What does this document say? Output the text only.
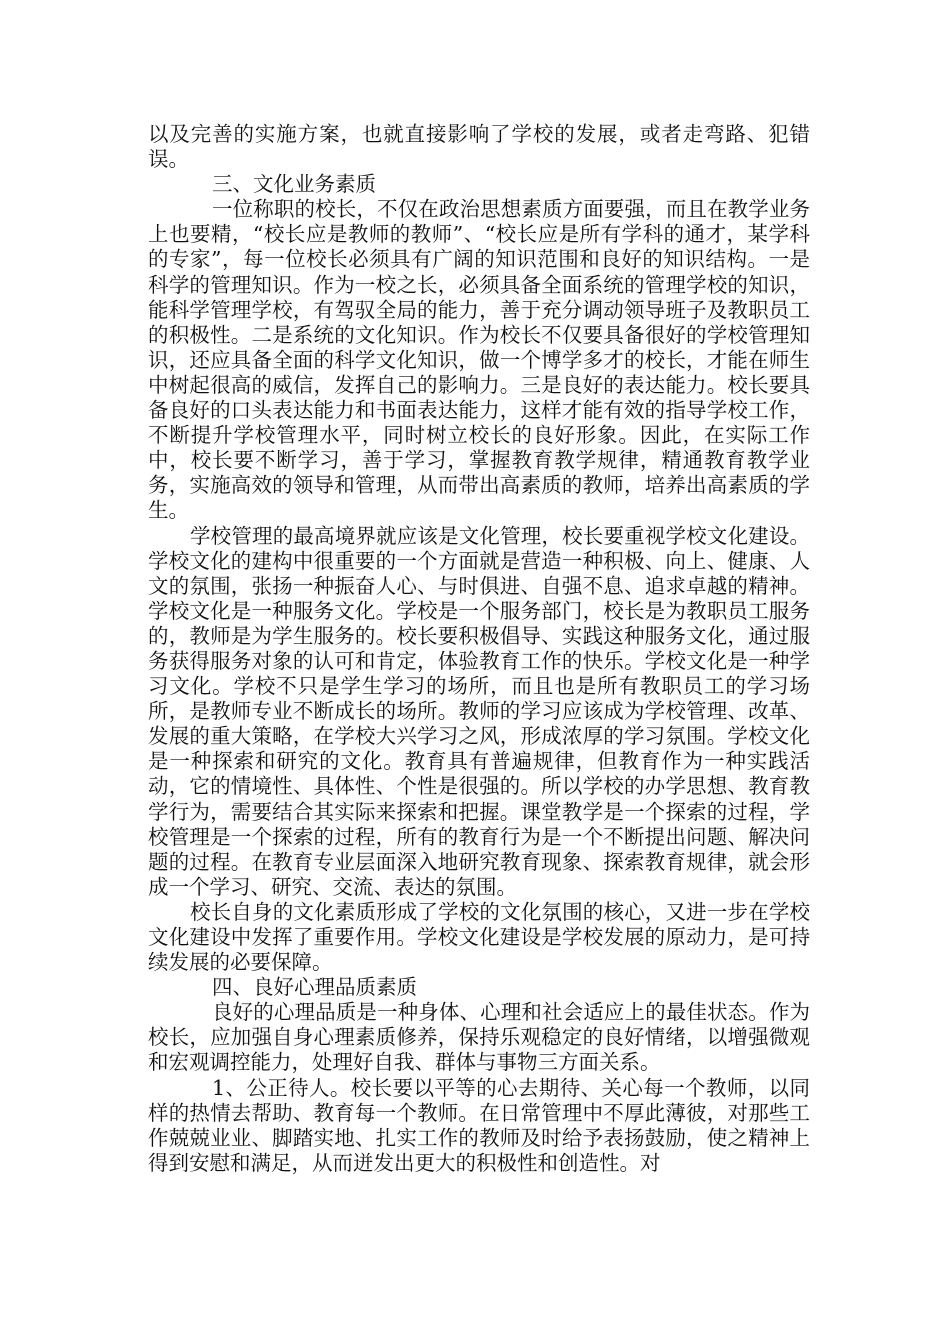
以及完善的实施方案，也就直接影响了学校的发展，或者走弯路、犯错误。

三、文化业务素质

一位称职的校长，不仅在政治思想素质方面要强，而且在教学业务上也要精，“校长应是教师的教师”、“校长应是所有学科的通才，某学科的专家”，每一位校长必须具有广阔的知识范围和良好的知识结构。一是科学的管理知识。作为一校之长，必须具备全面系统的管理学校的知识，能科学管理学校，有驾驭全局的能力，善于充分调动领导班子及教职员工的积极性。二是系统的文化知识。作为校长不仅要具备很好的学校管理知识，还应具备全面的科学文化知识，做一个博学多才的校长，才能在师生中树起很高的威信，发挥自己的影响力。三是良好的表达能力。校长要具备良好的口头表达能力和书面表达能力，这样才能有效的指导学校工作，不断提升学校管理水平，同时树立校长的良好形象。因此，在实际工作中，校长要不断学习，善于学习，掌握教育教学规律，精通教育教学业务，实施高效的领导和管理，从而带出高素质的教师，培养出高素质的学生。

学校管理的最高境界就应该是文化管理，校长要重视学校文化建设。学校文化的建构中很重要的一个方面就是营造一种积极、向上、健康、人文的氛围，张扬一种振奋人心、与时俱进、自强不息、追求卓越的精神。学校文化是一种服务文化。学校是一个服务部门，校长是为教职员工服务的，教师是为学生服务的。校长要积极倡导、实践这种服务文化，通过服务获得服务对象的认可和肯定，体验教育工作的快乐。学校文化是一种学习文化。学校不只是学生学习的场所，而且也是所有教职员工的学习场所，是教师专业不断成长的场所。教师的学习应该成为学校管理、改革、发展的重大策略，在学校大兴学习之风，形成浓厚的学习氛围。学校文化是一种探索和研究的文化。教育具有普遍规律，但教育作为一种实践活动，它的情境性、具体性、个性是很强的。所以学校的办学思想、教育教学行为，需要结合其实际来探索和把握。课堂教学是一个探索的过程，学校管理是一个探索的过程，所有的教育行为是一个不断提出问题、解决问题的过程。在教育专业层面深入地研究教育现象、探索教育规律，就会形成一个学习、研究、交流、表达的氛围。

校长自身的文化素质形成了学校的文化氛围的核心，又进一步在学校文化建设中发挥了重要作用。学校文化建设是学校发展的原动力，是可持续发展的必要保障。

四、良好心理品质素质

良好的心理品质是一种身体、心理和社会适应上的最佳状态。作为校长，应加强自身心理素质修养，保持乐观稳定的良好情绪，以增强微观和宏观调控能力，处理好自我、群体与事物三方面关系。

1、公正待人。校长要以平等的心去期待、关心每一个教师，以同样的热情去帮助、教育每一个教师。在日常管理中不厚此薄彼，对那些工作兢兢业业、脚踏实地、扎实工作的教师及时给予表扬鼓励，使之精神上得到安慰和满足，从而迸发出更大的积极性和创造性。对
